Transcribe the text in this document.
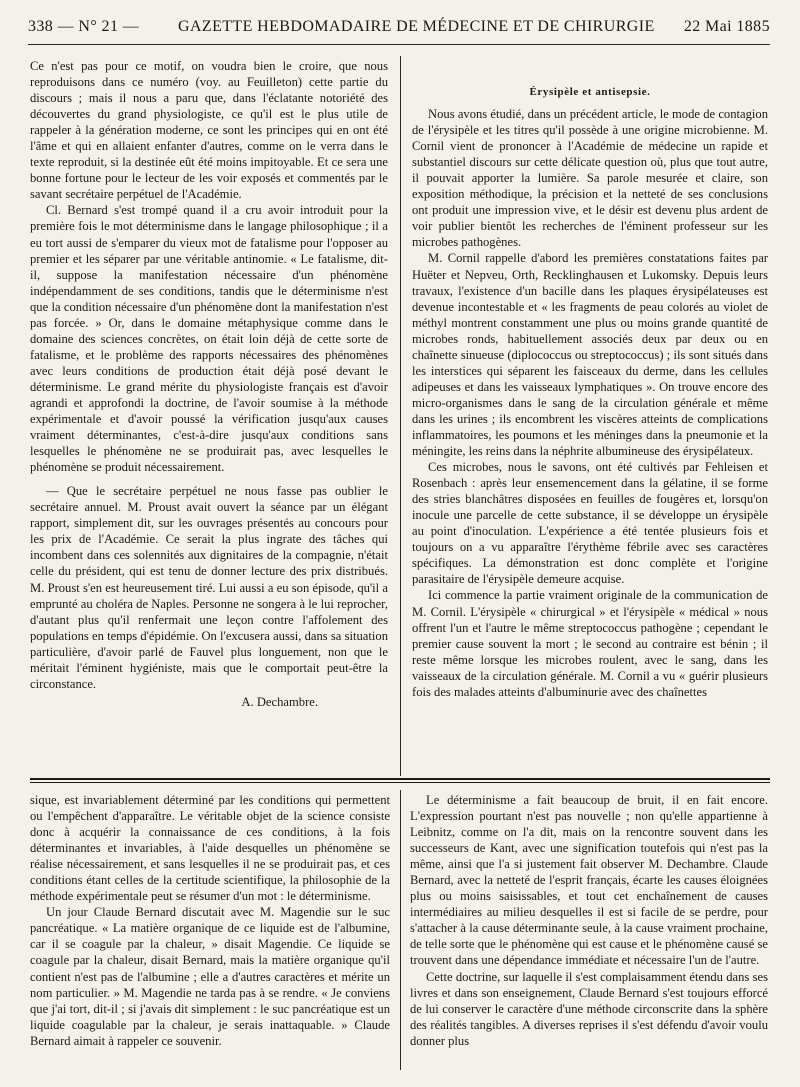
338 — N° 21 — GAZETTE HEBDOMADAIRE DE MÉDECINE ET DE CHIRURGIE 22 Mai 1885

Ce n'est pas pour ce motif, on voudra bien le croire, que nous reproduisons dans ce numéro (voy. au Feuilleton) cette partie du discours ; mais il nous a paru que, dans l'éclatante notoriété des découvertes du grand physiologiste, ce qu'il est le plus utile de rappeler à la génération moderne, ce sont les principes qui en ont été l'âme et qui en allaient enfanter d'autres, comme on le verra dans le texte reproduit, si la destinée eût été moins impitoyable. Et ce sera une bonne fortune pour le lecteur de les voir exposés et commentés par le savant secrétaire perpétuel de l'Académie.

Cl. Bernard s'est trompé quand il a cru avoir introduit pour la première fois le mot déterminisme dans le langage philosophique ; il a eu tort aussi de s'emparer du vieux mot de fatalisme pour l'opposer au premier et les séparer par une véritable antinomie. « Le fatalisme, dit-il, suppose la manifestation nécessaire d'un phénomène indépendamment de ses conditions, tandis que le déterminisme n'est que la condition nécessaire d'un phénomène dont la manifestation n'est pas forcée. » Or, dans le domaine métaphysique comme dans le domaine des sciences concrètes, on était loin déjà de cette sorte de fatalisme, et le problème des rapports nécessaires des phénomènes avec leurs conditions de production était déjà posé devant le déterminisme. Le grand mérite du physiologiste français est d'avoir agrandi et approfondi la doctrine, de l'avoir soumise à la méthode expérimentale et d'avoir poussé la vérification jusqu'aux causes vraiment déterminantes, c'est-à-dire jusqu'aux conditions sans lesquelles le phénomène ne se produirait pas, avec lesquelles le phénomène se produit nécessairement.

— Que le secrétaire perpétuel ne nous fasse pas oublier le secrétaire annuel. M. Proust avait ouvert la séance par un élégant rapport, simplement dit, sur les ouvrages présentés au concours pour les prix de l'Académie. Ce serait la plus ingrate des tâches qui incombent dans ces solennités aux dignitaires de la compagnie, n'était celle du président, qui est tenu de donner lecture des prix distribués. M. Proust s'en est heureusement tiré. Lui aussi a eu son épisode, qu'il a emprunté au choléra de Naples. Personne ne songera à le lui reprocher, d'autant plus qu'il renfermait une leçon contre l'affolement des populations en temps d'épidémie. On l'excusera aussi, dans sa situation particulière, d'avoir parlé de Fauvel plus longuement, non que le méritait l'éminent hygiéniste, mais que le comportait peut-être la circonstance.

A. Dechambre.
Érysipèle et antisepsie.

Nous avons étudié, dans un précédent article, le mode de contagion de l'érysipèle et les titres qu'il possède à une origine microbienne. M. Cornil vient de prononcer à l'Académie de médecine un rapide et substantiel discours sur cette délicate question où, plus que tout autre, il pouvait apporter la lumière. Sa parole mesurée et claire, son exposition méthodique, la précision et la netteté de ses conclusions ont produit une impression vive, et le désir est devenu plus ardent de voir publier bientôt les recherches de l'éminent professeur sur les microbes pathogènes.

M. Cornil rappelle d'abord les premières constatations faites par Huëter et Nepveu, Orth, Recklinghausen et Lukomsky. Depuis leurs travaux, l'existence d'un bacille dans les plaques érysipélateuses est devenue incontestable et « les fragments de peau colorés au violet de méthyl montrent constamment une plus ou moins grande quantité de microbes ronds, habituellement associés deux par deux ou en chaînette sinueuse (diplococcus ou streptococcus) ; ils sont situés dans les interstices qui séparent les faisceaux du derme, dans les cellules adipeuses et dans les vaisseaux lymphatiques ». On trouve encore des micro-organismes dans le sang de la circulation générale et même dans les urines ; ils encombrent les viscères atteints de complications inflammatoires, les poumons et les méninges dans la pneumonie et la méningite, les reins dans la néphrite albumineuse des érysipélateux.

Ces microbes, nous le savons, ont été cultivés par Fehleisen et Rosenbach : après leur ensemencement dans la gélatine, il se forme des stries blanchâtres disposées en feuilles de fougères et, lorsqu'on inocule une parcelle de cette substance, il se développe un érysipèle au point d'inoculation. L'expérience a été tentée plusieurs fois et toujours on a vu apparaître l'érythème fébrile avec ses caractères spécifiques. La démonstration est donc complète et l'origine parasitaire de l'érysipèle demeure acquise.

Ici commence la partie vraiment originale de la communication de M. Cornil. L'érysipèle « chirurgical » et l'érysipèle « médical » nous offrent l'un et l'autre le même streptococcus pathogène ; cependant le premier cause souvent la mort ; le second au contraire est bénin ; il reste même lorsque les microbes roulent, avec le sang, dans les vaisseaux de la circulation générale. M. Cornil a vu « guérir plusieurs fois des malades atteints d'albuminurie avec des chaînettes

sique, est invariablement déterminé par les conditions qui permettent ou l'empêchent d'apparaître. Le véritable objet de la science consiste donc à acquérir la connaissance de ces conditions, à la fois déterminantes et invariables, à l'aide desquelles un phénomène se réalise nécessairement, et sans lesquelles il ne se produirait pas, et ces conditions étant celles de la certitude scientifique, la philosophie de la méthode expérimentale peut se résumer d'un mot : le déterminisme.

Un jour Claude Bernard discutait avec M. Magendie sur le suc pancréatique. « La matière organique de ce liquide est de l'albumine, car il se coagule par la chaleur, » disait Magendie. Ce liquide se coagule par la chaleur, disait Bernard, mais la matière organique qu'il contient n'est pas de l'albumine ; elle a d'autres caractères et mérite un nom particulier. » M. Magendie ne tarda pas à se rendre. « Je conviens que j'ai tort, dit-il ; si j'avais dit simplement : le suc pancréatique est un liquide coagulable par la chaleur, je serais inattaquable. » Claude Bernard aimait à rappeler ce souvenir.

Le déterminisme a fait beaucoup de bruit, il en fait encore. L'expression pourtant n'est pas nouvelle ; non qu'elle appartienne à Leibnitz, comme on l'a dit, mais on la rencontre souvent dans les successeurs de Kant, avec une signification toutefois qui n'est pas la même, ainsi que l'a si justement fait observer M. Dechambre. Claude Bernard, avec la netteté de l'esprit français, écarte les causes éloignées plus ou moins saisissables, et tout cet enchaînement de causes intermédiaires au milieu desquelles il est si facile de se perdre, pour s'attacher à la cause déterminante seule, à la cause vraiment prochaine, de telle sorte que le phénomène qui est cause et le phénomène causé se trouvent dans une dépendance immédiate et nécessaire l'un de l'autre.

Cette doctrine, sur laquelle il s'est complaisamment étendu dans ses livres et dans son enseignement, Claude Bernard s'est toujours efforcé de lui conserver le caractère d'une méthode circonscrite dans la sphère des réalités tangibles. A diverses reprises il s'est défendu d'avoir voulu donner plus
